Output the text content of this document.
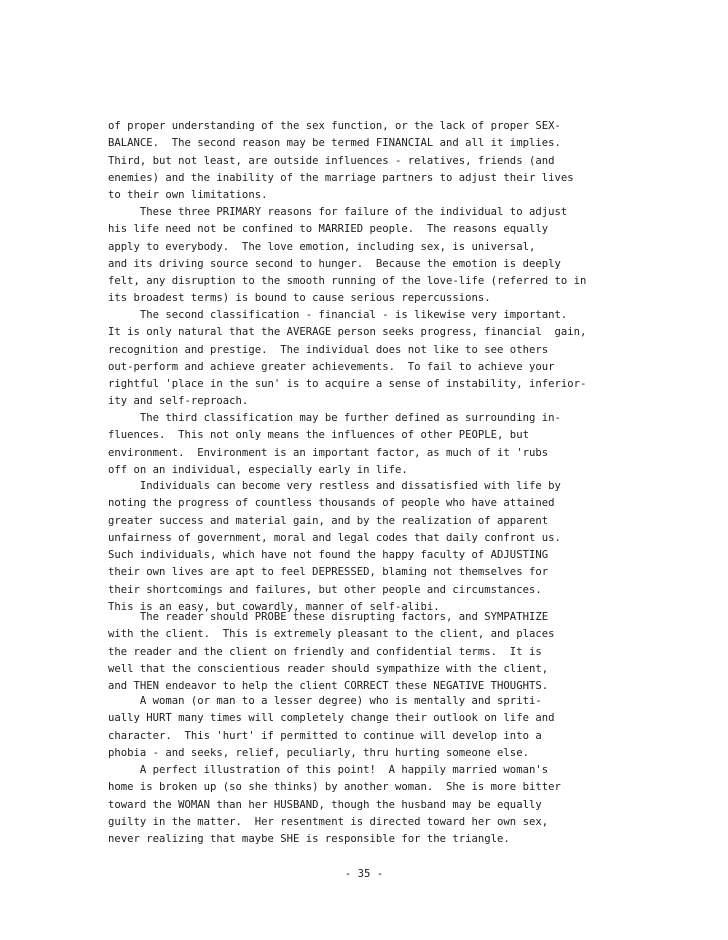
of proper understanding of the sex function, or the lack of proper SEX-
BALANCE.  The second reason may be termed FINANCIAL and all it implies.
Third, but not least, are outside influences - relatives, friends (and
enemies) and the inability of the marriage partners to adjust their lives
to their own limitations.
These three PRIMARY reasons for failure of the individual to adjust
his life need not be confined to MARRIED people.  The reasons equally
apply to everybody.  The love emotion, including sex, is universal,
and its driving source second to hunger.  Because the emotion is deeply
felt, any disruption to the smooth running of the love-life (referred to in
its broadest terms) is bound to cause serious repercussions.
The second classification - financial - is likewise very important.
It is only natural that the AVERAGE person seeks progress, financial  gain,
recognition and prestige.  The individual does not like to see others
out-perform and achieve greater achievements.  To fail to achieve your
rightful 'place in the sun' is to acquire a sense of instability, inferior-
ity and self-reproach.
The third classification may be further defined as surrounding in-
fluences.  This not only means the influences of other PEOPLE, but
environment.  Environment is an important factor, as much of it 'rubs
off on an individual, especially early in life.
Individuals can become very restless and dissatisfied with life by
noting the progress of countless thousands of people who have attained
greater success and material gain, and by the realization of apparent
unfairness of government, moral and legal codes that daily confront us.
Such individuals, which have not found the happy faculty of ADJUSTING
their own lives are apt to feel DEPRESSED, blaming not themselves for
their shortcomings and failures, but other people and circumstances.
This is an easy, but cowardly, manner of self-alibi.
The reader should PROBE these disrupting factors, and SYMPATHIZE
with the client.  This is extremely pleasant to the client, and places
the reader and the client on friendly and confidential terms.  It is
well that the conscientious reader should sympathize with the client,
and THEN endeavor to help the client CORRECT these NEGATIVE THOUGHTS.
A woman (or man to a lesser degree) who is mentally and spriti-
ually HURT many times will completely change their outlook on life and
character.  This 'hurt' if permitted to continue will develop into a
phobia - and seeks, relief, peculiarly, thru hurting someone else.
A perfect illustration of this point!  A happily married woman's
home is broken up (so she thinks) by another woman.  She is more bitter
toward the WOMAN than her HUSBAND, though the husband may be equally
guilty in the matter.  Her resentment is directed toward her own sex,
never realizing that maybe SHE is responsible for the triangle.
- 35 -
